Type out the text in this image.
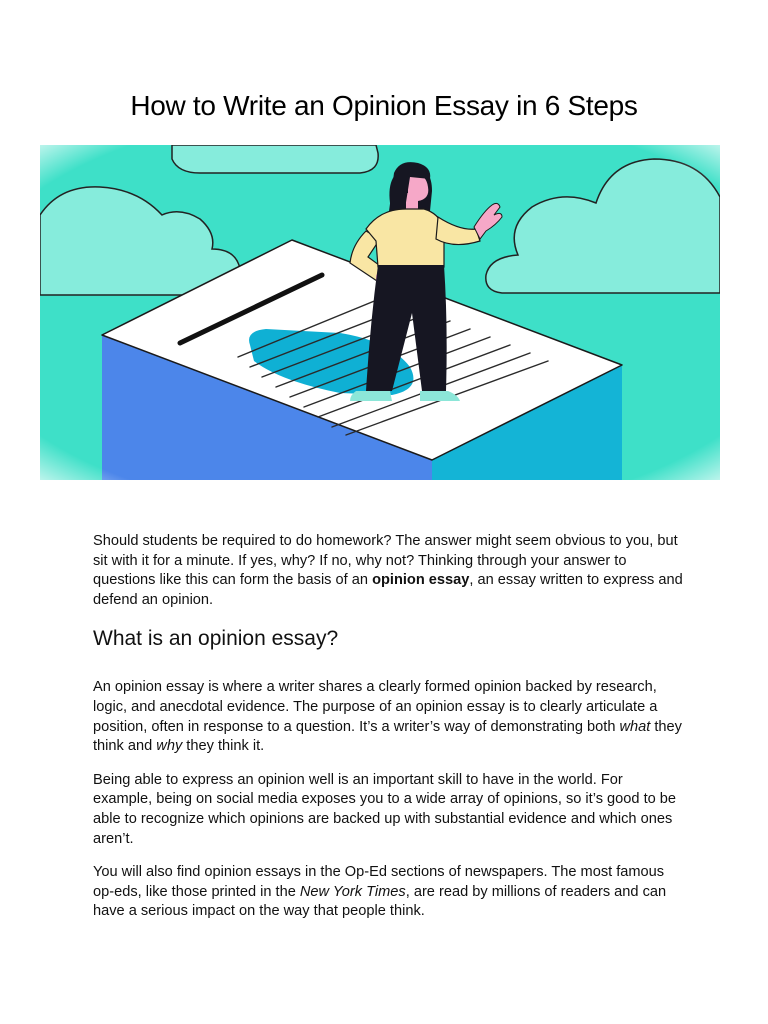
How to Write an Opinion Essay in 6 Steps

Should students be required to do homework? The answer might seem obvious to you, but sit with it for a minute. If yes, why? If no, why not? Thinking through your answer to questions like this can form the basis of an opinion essay, an essay written to express and defend an opinion.

What is an opinion essay?

An opinion essay is where a writer shares a clearly formed opinion backed by research, logic, and anecdotal evidence. The purpose of an opinion essay is to clearly articulate a position, often in response to a question. It’s a writer’s way of demonstrating both what they think and why they think it.

Being able to express an opinion well is an important skill to have in the world. For example, being on social media exposes you to a wide array of opinions, so it’s good to be able to recognize which opinions are backed up with substantial evidence and which ones aren’t.

You will also find opinion essays in the Op-Ed sections of newspapers. The most famous op-eds, like those printed in the New York Times, are read by millions of readers and can have a serious impact on the way that people think.
